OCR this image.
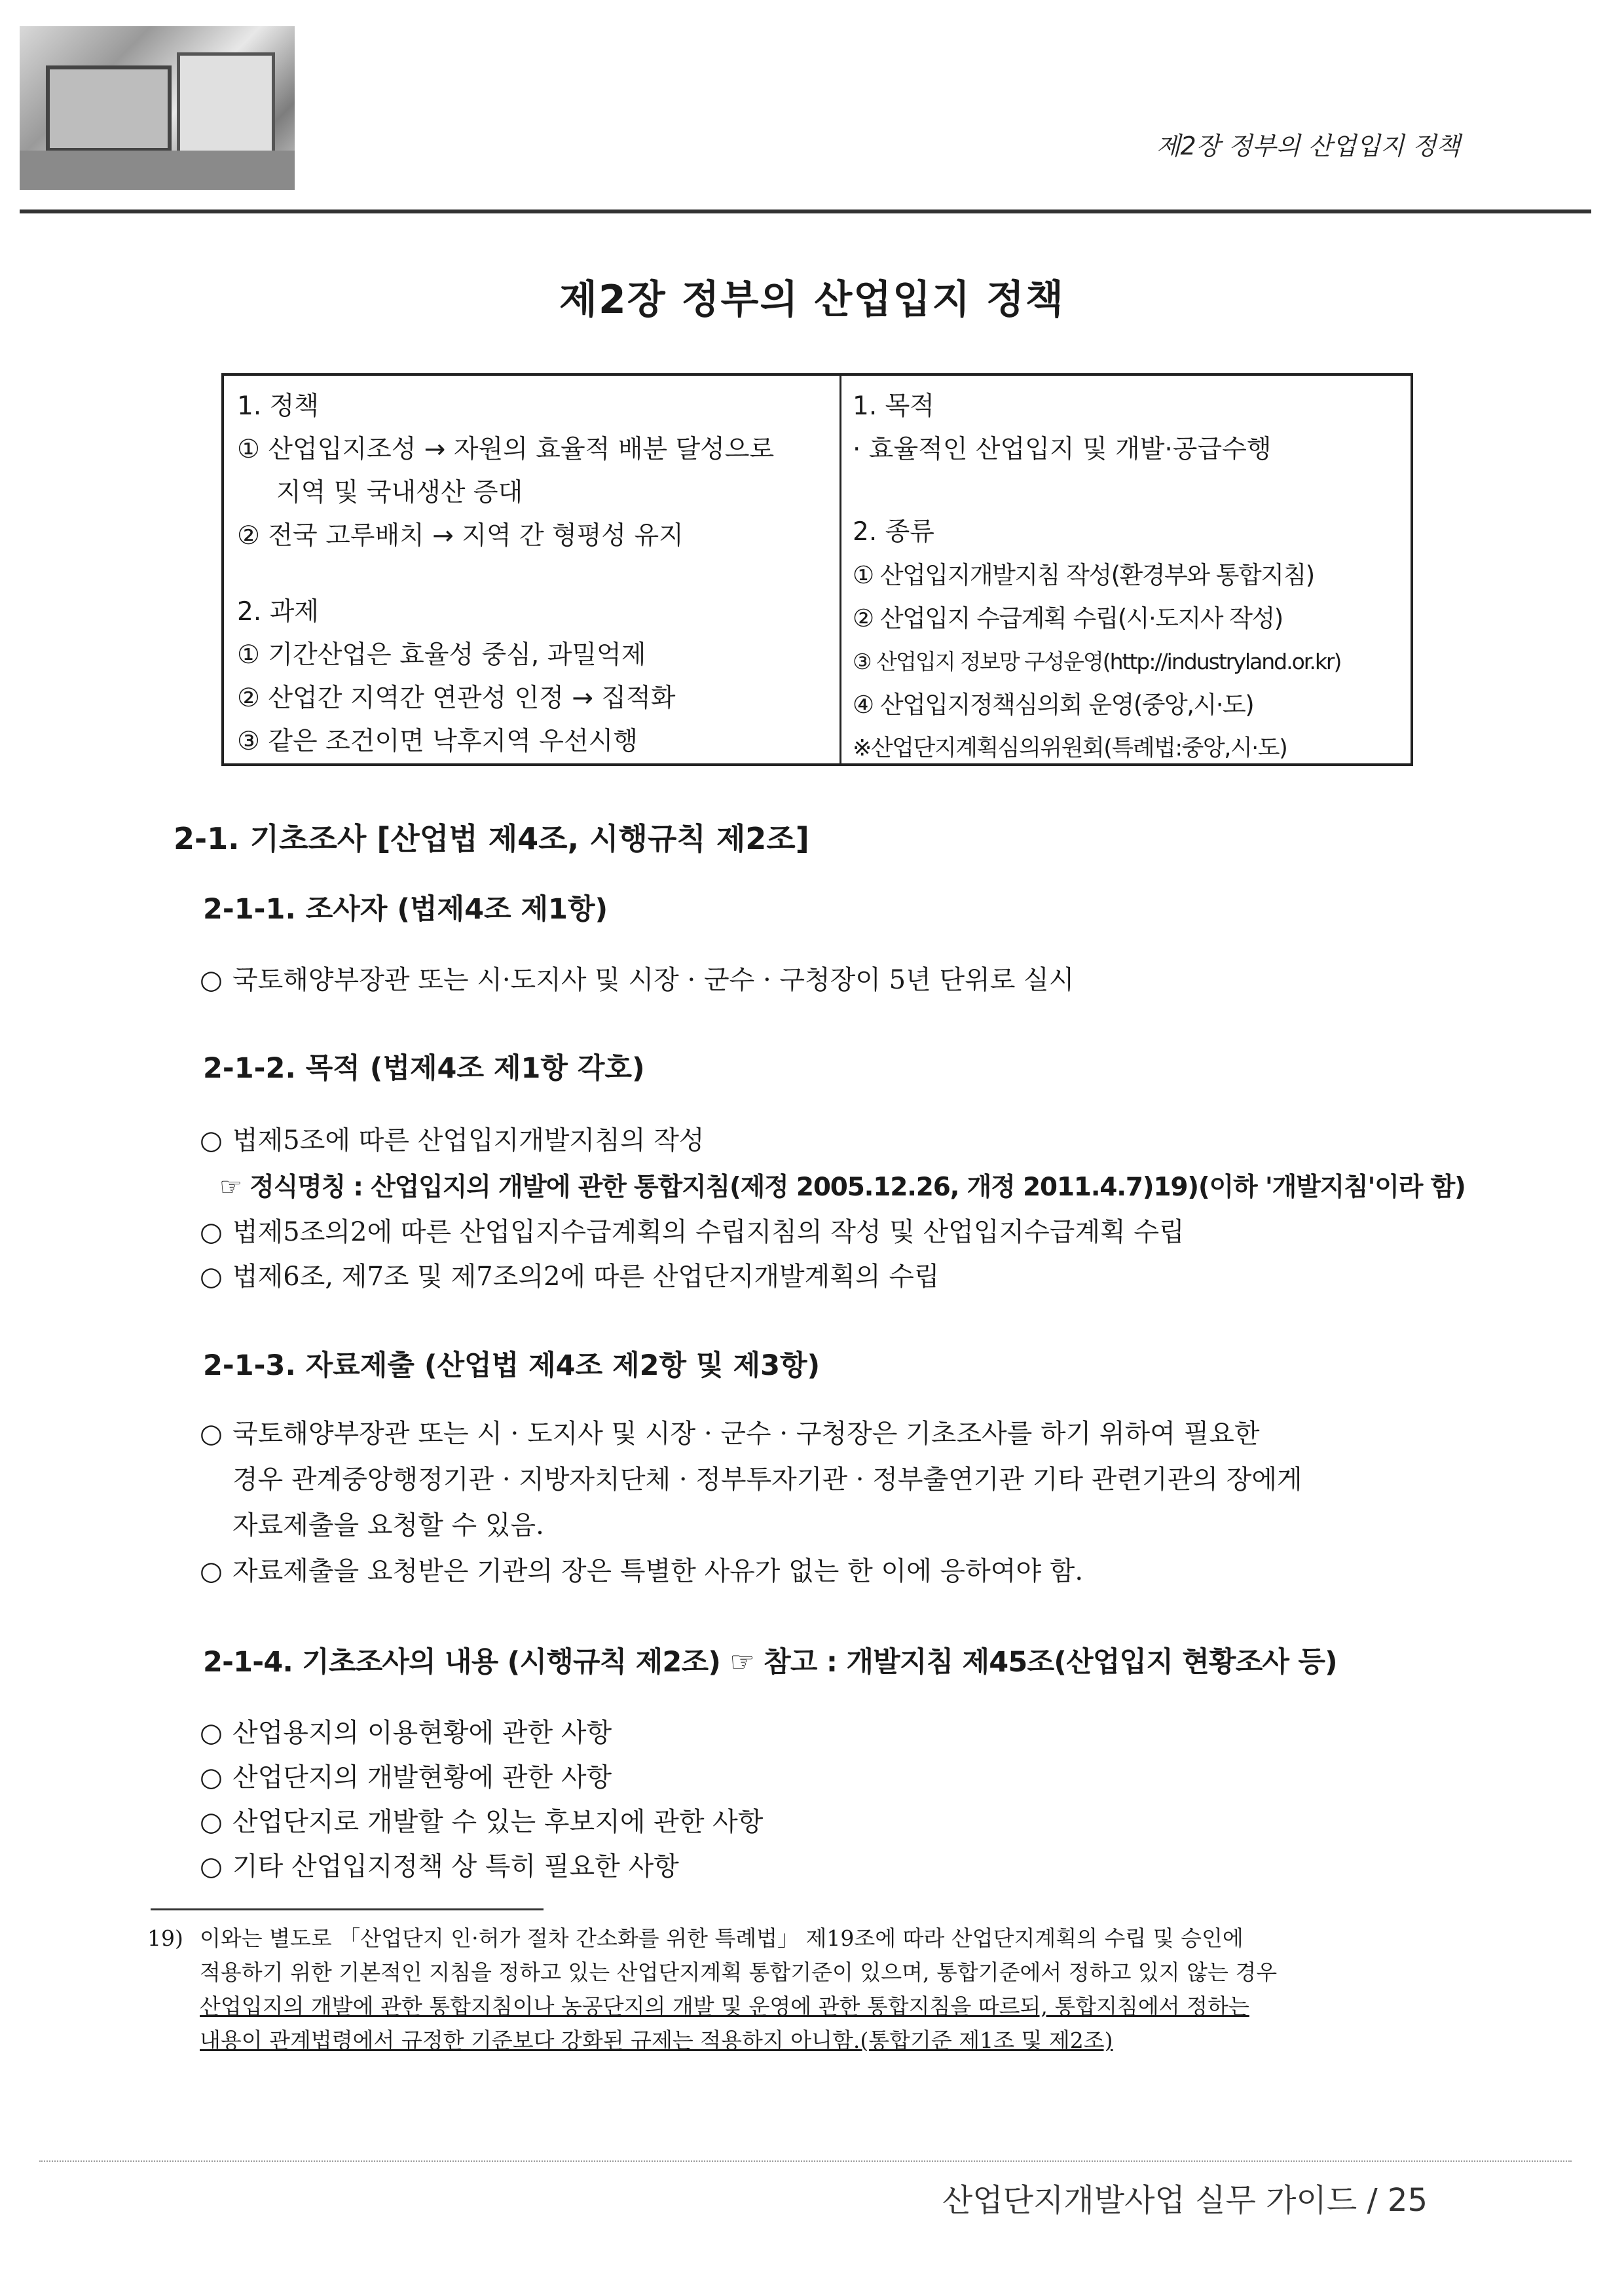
제2장 정부의 산업입지 정책
제2장 정부의 산업입지 정책
1. 정책
① 산업입지조성 → 자원의 효율적 배분 달성으로
지역 및 국내생산 증대
② 전국 고루배치 → 지역 간 형평성 유지
2. 과제
① 기간산업은 효율성 중심, 과밀억제
② 산업간 지역간 연관성 인정 → 집적화
③ 같은 조건이면 낙후지역 우선시행
1. 목적
· 효율적인 산업입지 및 개발·공급수행
2. 종류
① 산업입지개발지침 작성(환경부와 통합지침)
② 산업입지 수급계획 수립(시·도지사 작성)
③ 산업입지 정보망 구성운영(http://industryland.or.kr)
④ 산업입지정책심의회 운영(중앙,시·도)
※산업단지계획심의위원회(특례법:중앙,시·도)
2-1. 기초조사 [산업법 제4조, 시행규칙 제2조]
2-1-1. 조사자 (법제4조 제1항)
○ 국토해양부장관 또는 시·도지사 및 시장 · 군수 · 구청장이 5년 단위로 실시
2-1-2. 목적 (법제4조 제1항 각호)
○ 법제5조에 따른 산업입지개발지침의 작성
☞ 정식명칭 : 산업입지의 개발에 관한 통합지침(제정 2005.12.26, 개정 2011.4.7)19)(이하 '개발지침'이라 함)
○ 법제5조의2에 따른 산업입지수급계획의 수립지침의 작성 및 산업입지수급계획 수립
○ 법제6조, 제7조 및 제7조의2에 따른 산업단지개발계획의 수립
2-1-3. 자료제출 (산업법 제4조 제2항 및 제3항)
○ 국토해양부장관 또는 시 · 도지사 및 시장 · 군수 · 구청장은 기초조사를 하기 위하여 필요한
경우 관계중앙행정기관 · 지방자치단체 · 정부투자기관 · 정부출연기관 기타 관련기관의 장에게
자료제출을 요청할 수 있음.
○ 자료제출을 요청받은 기관의 장은 특별한 사유가 없는 한 이에 응하여야 함.
2-1-4. 기초조사의 내용 (시행규칙 제2조) ☞ 참고 : 개발지침 제45조(산업입지 현황조사 등)
○ 산업용지의 이용현황에 관한 사항
○ 산업단지의 개발현황에 관한 사항
○ 산업단지로 개발할 수 있는 후보지에 관한 사항
○ 기타 산업입지정책 상 특히 필요한 사항
19) 이와는 별도로 「산업단지 인·허가 절차 간소화를 위한 특례법」 제19조에 따라 산업단지계획의 수립 및 승인에
적용하기 위한 기본적인 지침을 정하고 있는 산업단지계획 통합기준이 있으며, 통합기준에서 정하고 있지 않는 경우
산업입지의 개발에 관한 통합지침이나 농공단지의 개발 및 운영에 관한 통합지침을 따르되, 통합지침에서 정하는
내용이 관계법령에서 규정한 기준보다 강화된 규제는 적용하지 아니함.(통합기준 제1조 및 제2조)
산업단지개발사업 실무 가이드 / 25
